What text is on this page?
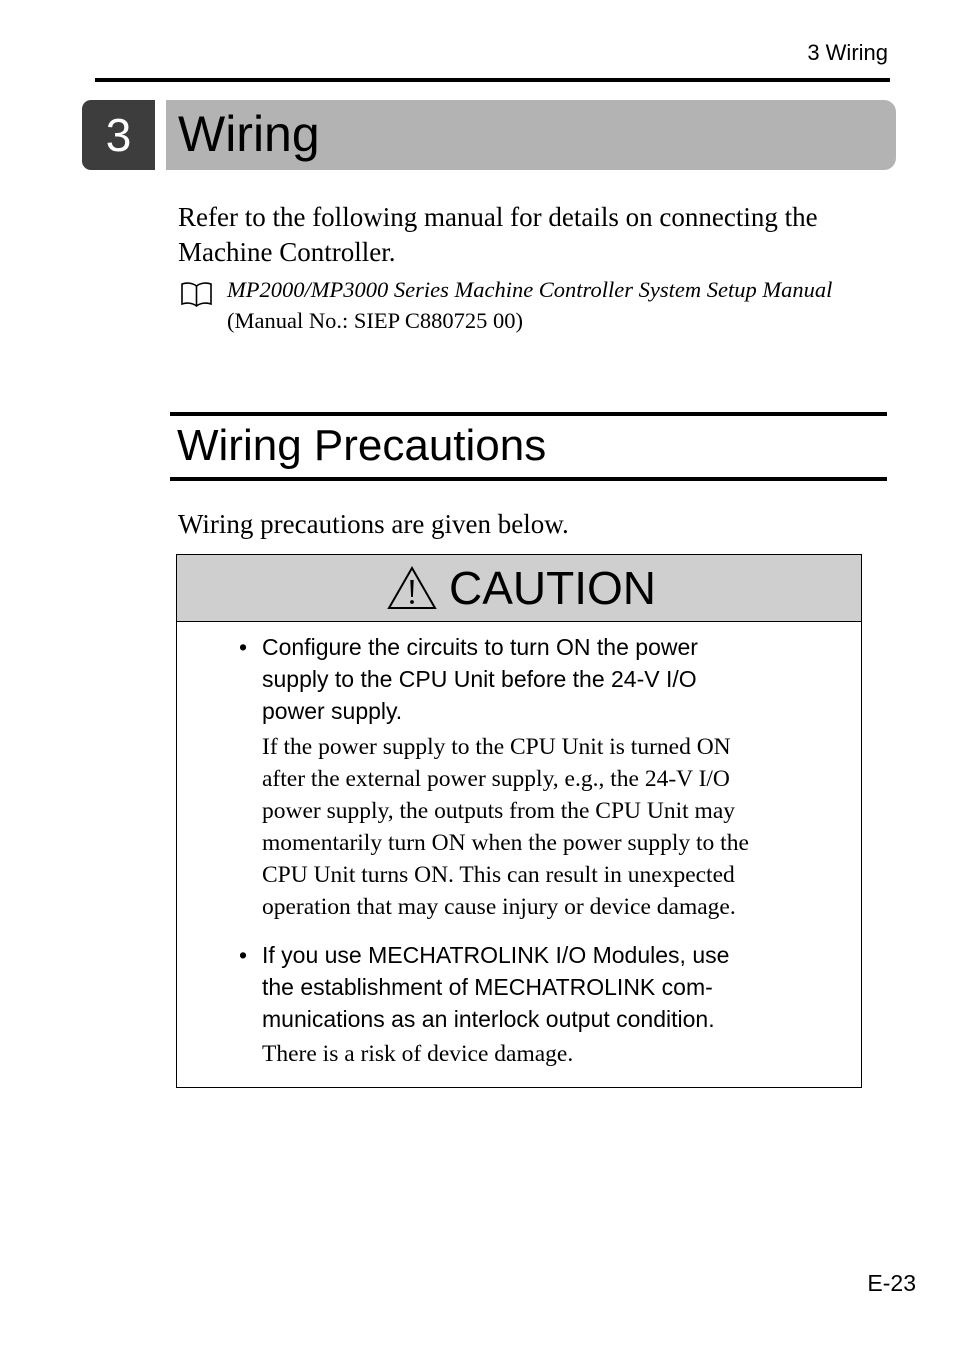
3 Wiring
3 Wiring
Refer to the following manual for details on connecting the Machine Controller.
MP2000/MP3000 Series Machine Controller System Setup Manual
(Manual No.: SIEP C880725 00)
Wiring Precautions
Wiring precautions are given below.
CAUTION
• Configure the circuits to turn ON the power
supply to the CPU Unit before the 24-V I/O
power supply.
If the power supply to the CPU Unit is turned ON
after the external power supply, e.g., the 24-V I/O
power supply, the outputs from the CPU Unit may
momentarily turn ON when the power supply to the
CPU Unit turns ON. This can result in unexpected
operation that may cause injury or device damage.
• If you use MECHATROLINK I/O Modules, use
the establishment of MECHATROLINK com-
munications as an interlock output condition.
There is a risk of device damage.
E-23
